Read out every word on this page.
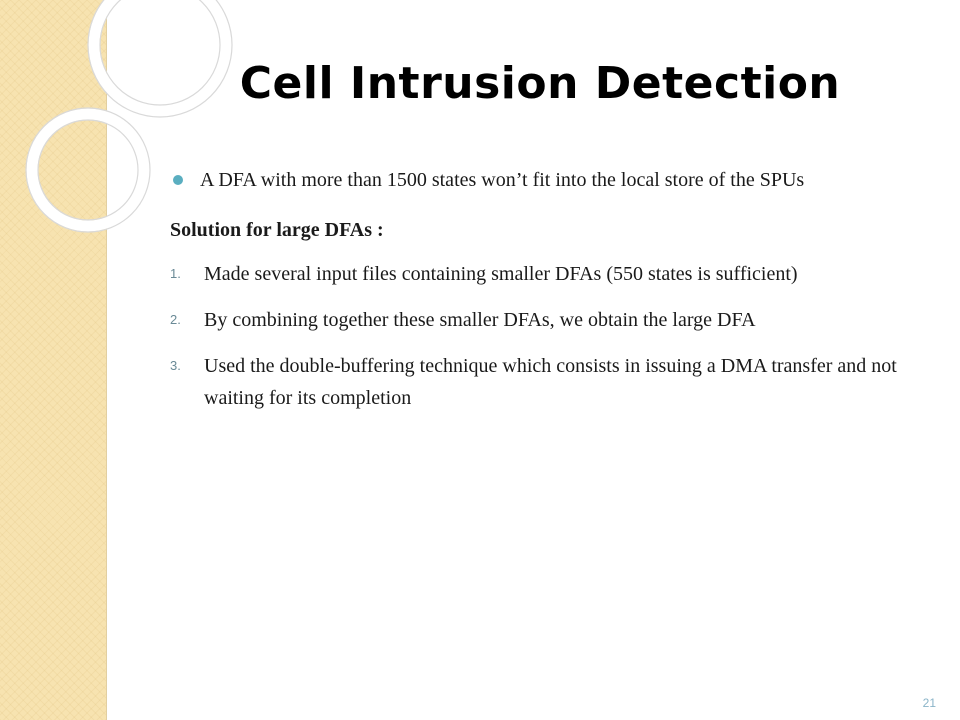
Cell Intrusion Detection
A DFA with more than 1500 states won’t fit into the local store of the SPUs
Solution for large DFAs :
1. Made several input files containing smaller DFAs (550 states is sufficient)
2. By combining together these smaller DFAs, we obtain the large DFA
3. Used the double-buffering technique which consists in issuing a DMA transfer and not waiting for its completion
21
